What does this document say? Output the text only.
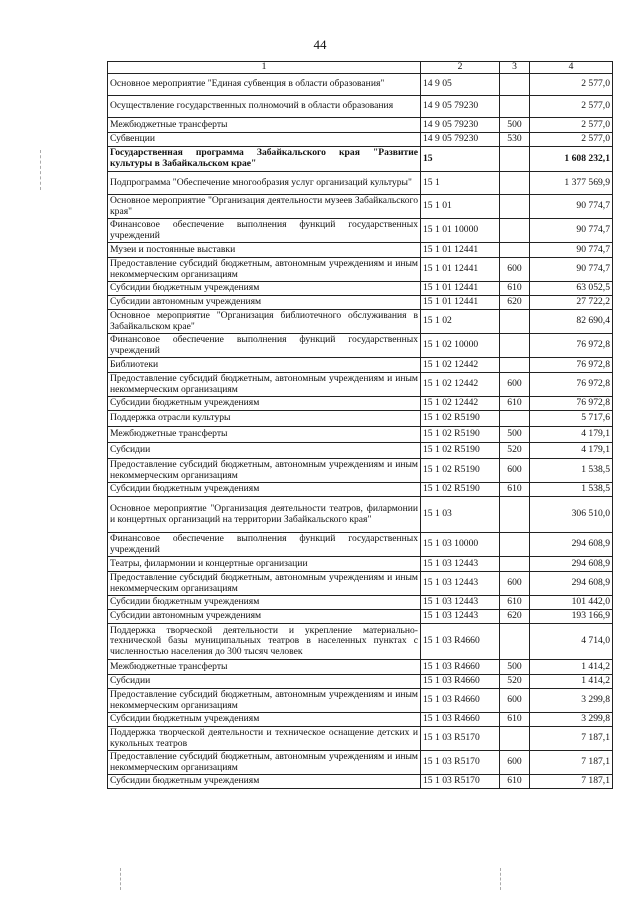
44
1	2	3	4
Основное мероприятие "Единая субвенция в области образования"	14 9 05		2 577,0
Осуществление государственных полномочий в области образования	14 9 05 79230		2 577,0
Межбюджетные трансферты	14 9 05 79230	500	2 577,0
Субвенции	14 9 05 79230	530	2 577,0
Государственная программа Забайкальского края "Развитие культуры в Забайкальском крае"	15		1 608 232,1
Подпрограмма "Обеспечение многообразия услуг организаций культуры"	15 1		1 377 569,9
Основное мероприятие "Организация деятельности музеев Забайкальского края"	15 1 01		90 774,7
Финансовое обеспечение выполнения функций государственных учреждений	15 1 01 10000		90 774,7
Музеи и постоянные выставки	15 1 01 12441		90 774,7
Предоставление субсидий бюджетным, автономным учреждениям и иным некоммерческим организациям	15 1 01 12441	600	90 774,7
Субсидии бюджетным учреждениям	15 1 01 12441	610	63 052,5
Субсидии автономным учреждениям	15 1 01 12441	620	27 722,2
Основное мероприятие "Организация библиотечного обслуживания в Забайкальском крае"	15 1 02		82 690,4
Финансовое обеспечение выполнения функций государственных учреждений	15 1 02 10000		76 972,8
Библиотеки	15 1 02 12442		76 972,8
Предоставление субсидий бюджетным, автономным учреждениям и иным некоммерческим организациям	15 1 02 12442	600	76 972,8
Субсидии бюджетным учреждениям	15 1 02 12442	610	76 972,8
Поддержка отрасли культуры	15 1 02 R5190		5 717,6
Межбюджетные трансферты	15 1 02 R5190	500	4 179,1
Субсидии	15 1 02 R5190	520	4 179,1
Предоставление субсидий бюджетным, автономным учреждениям и иным некоммерческим организациям	15 1 02 R5190	600	1 538,5
Субсидии бюджетным учреждениям	15 1 02 R5190	610	1 538,5
Основное мероприятие "Организация деятельности театров, филармонии и концертных организаций на территории Забайкальского края"	15 1 03		306 510,0
Финансовое обеспечение выполнения функций государственных учреждений	15 1 03 10000		294 608,9
Театры, филармонии и концертные организации	15 1 03 12443		294 608,9
Предоставление субсидий бюджетным, автономным учреждениям и иным некоммерческим организациям	15 1 03 12443	600	294 608,9
Субсидии бюджетным учреждениям	15 1 03 12443	610	101 442,0
Субсидии автономным учреждениям	15 1 03 12443	620	193 166,9
Поддержка творческой деятельности и укрепление материально-технической базы муниципальных театров в населенных пунктах с численностью населения до 300 тысяч человек	15 1 03 R4660		4 714,0
Межбюджетные трансферты	15 1 03 R4660	500	1 414,2
Субсидии	15 1 03 R4660	520	1 414,2
Предоставление субсидий бюджетным, автономным учреждениям и иным некоммерческим организациям	15 1 03 R4660	600	3 299,8
Субсидии бюджетным учреждениям	15 1 03 R4660	610	3 299,8
Поддержка творческой деятельности и техническое оснащение детских и кукольных театров	15 1 03 R5170		7 187,1
Предоставление субсидий бюджетным, автономным учреждениям и иным некоммерческим организациям	15 1 03 R5170	600	7 187,1
Субсидии бюджетным учреждениям	15 1 03 R5170	610	7 187,1
